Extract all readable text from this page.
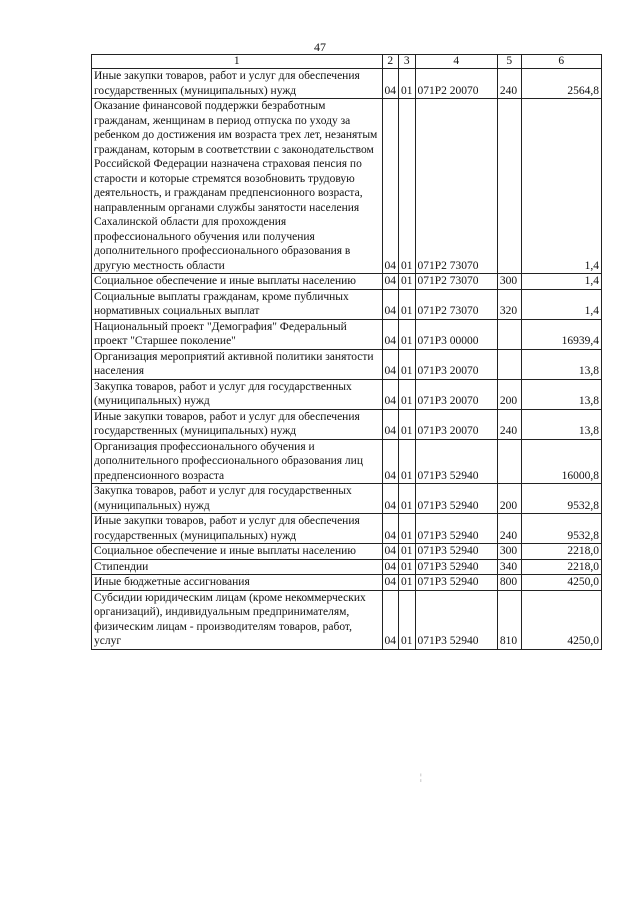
47
1	2	3	4	5	6
Иные закупки товаров, работ и услуг для обеспечения государственных (муниципальных) нужд	04	01	071Р2 20070	240	2564,8
Оказание финансовой поддержки безработным гражданам, женщинам в период отпуска по уходу за ребенком до достижения им возраста трех лет, незанятым гражданам, которым в соответствии с законодательством Российской Федерации назначена страховая пенсия по старости и которые стремятся возобновить трудовую деятельность, и гражданам предпенсионного возраста, направленным органами службы занятости населения Сахалинской области для прохождения профессионального обучения или получения дополнительного профессионального образования в другую местность области	04	01	071Р2 73070		1,4
Социальное обеспечение и иные выплаты населению	04	01	071Р2 73070	300	1,4
Социальные выплаты гражданам, кроме публичных нормативных социальных выплат	04	01	071Р2 73070	320	1,4
Национальный проект "Демография" Федеральный проект "Старшее поколение"	04	01	071Р3 00000		16939,4
Организация мероприятий активной политики занятости населения	04	01	071Р3 20070		13,8
Закупка товаров, работ и услуг для государственных (муниципальных) нужд	04	01	071Р3 20070	200	13,8
Иные закупки товаров, работ и услуг для обеспечения государственных (муниципальных) нужд	04	01	071Р3 20070	240	13,8
Организация профессионального обучения и дополнительного профессионального образования лиц предпенсионного возраста	04	01	071Р3 52940		16000,8
Закупка товаров, работ и услуг для государственных (муниципальных) нужд	04	01	071Р3 52940	200	9532,8
Иные закупки товаров, работ и услуг для обеспечения государственных (муниципальных) нужд	04	01	071Р3 52940	240	9532,8
Социальное обеспечение и иные выплаты населению	04	01	071Р3 52940	300	2218,0
Стипендии	04	01	071Р3 52940	340	2218,0
Иные бюджетные ассигнования	04	01	071Р3 52940	800	4250,0
Субсидии юридическим лицам (кроме некоммерческих организаций), индивидуальным предпринимателям, физическим лицам - производителям товаров, работ, услуг	04	01	071Р3 52940	810	4250,0
¦
